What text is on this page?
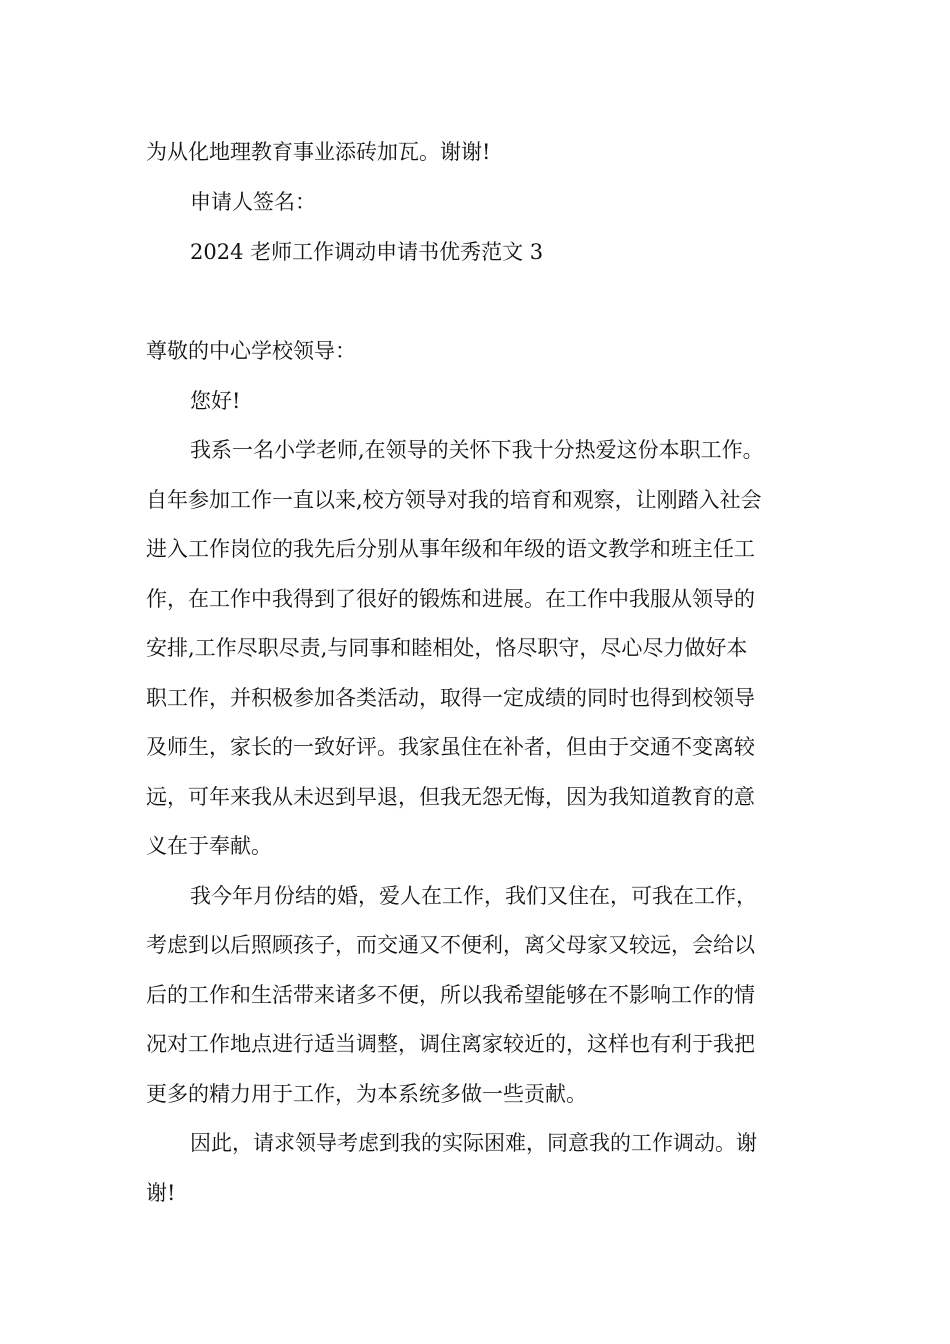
为从化地理教育事业添砖加瓦。谢谢!
申请人签名：
2024 老师工作调动申请书优秀范文 3
尊敬的中心学校领导：
您好!
我系一名小学老师,在领导的关怀下我十分热爱这份本职工作。
自年参加工作一直以来,校方领导对我的培育和观察，让刚踏入社会
进入工作岗位的我先后分别从事年级和年级的语文教学和班主任工
作，在工作中我得到了很好的锻炼和进展。在工作中我服从领导的
安排,工作尽职尽责,与同事和睦相处，恪尽职守，尽心尽力做好本
职工作，并积极参加各类活动，取得一定成绩的同时也得到校领导
及师生，家长的一致好评。我家虽住在补者，但由于交通不变离较
远，可年来我从未迟到早退，但我无怨无悔，因为我知道教育的意
义在于奉献。
我今年月份结的婚，爱人在工作，我们又住在，可我在工作，
考虑到以后照顾孩子，而交通又不便利，离父母家又较远，会给以
后的工作和生活带来诸多不便，所以我希望能够在不影响工作的情
况对工作地点进行适当调整，调住离家较近的，这样也有利于我把
更多的精力用于工作，为本系统多做一些贡献。
因此，请求领导考虑到我的实际困难，同意我的工作调动。谢
谢!
